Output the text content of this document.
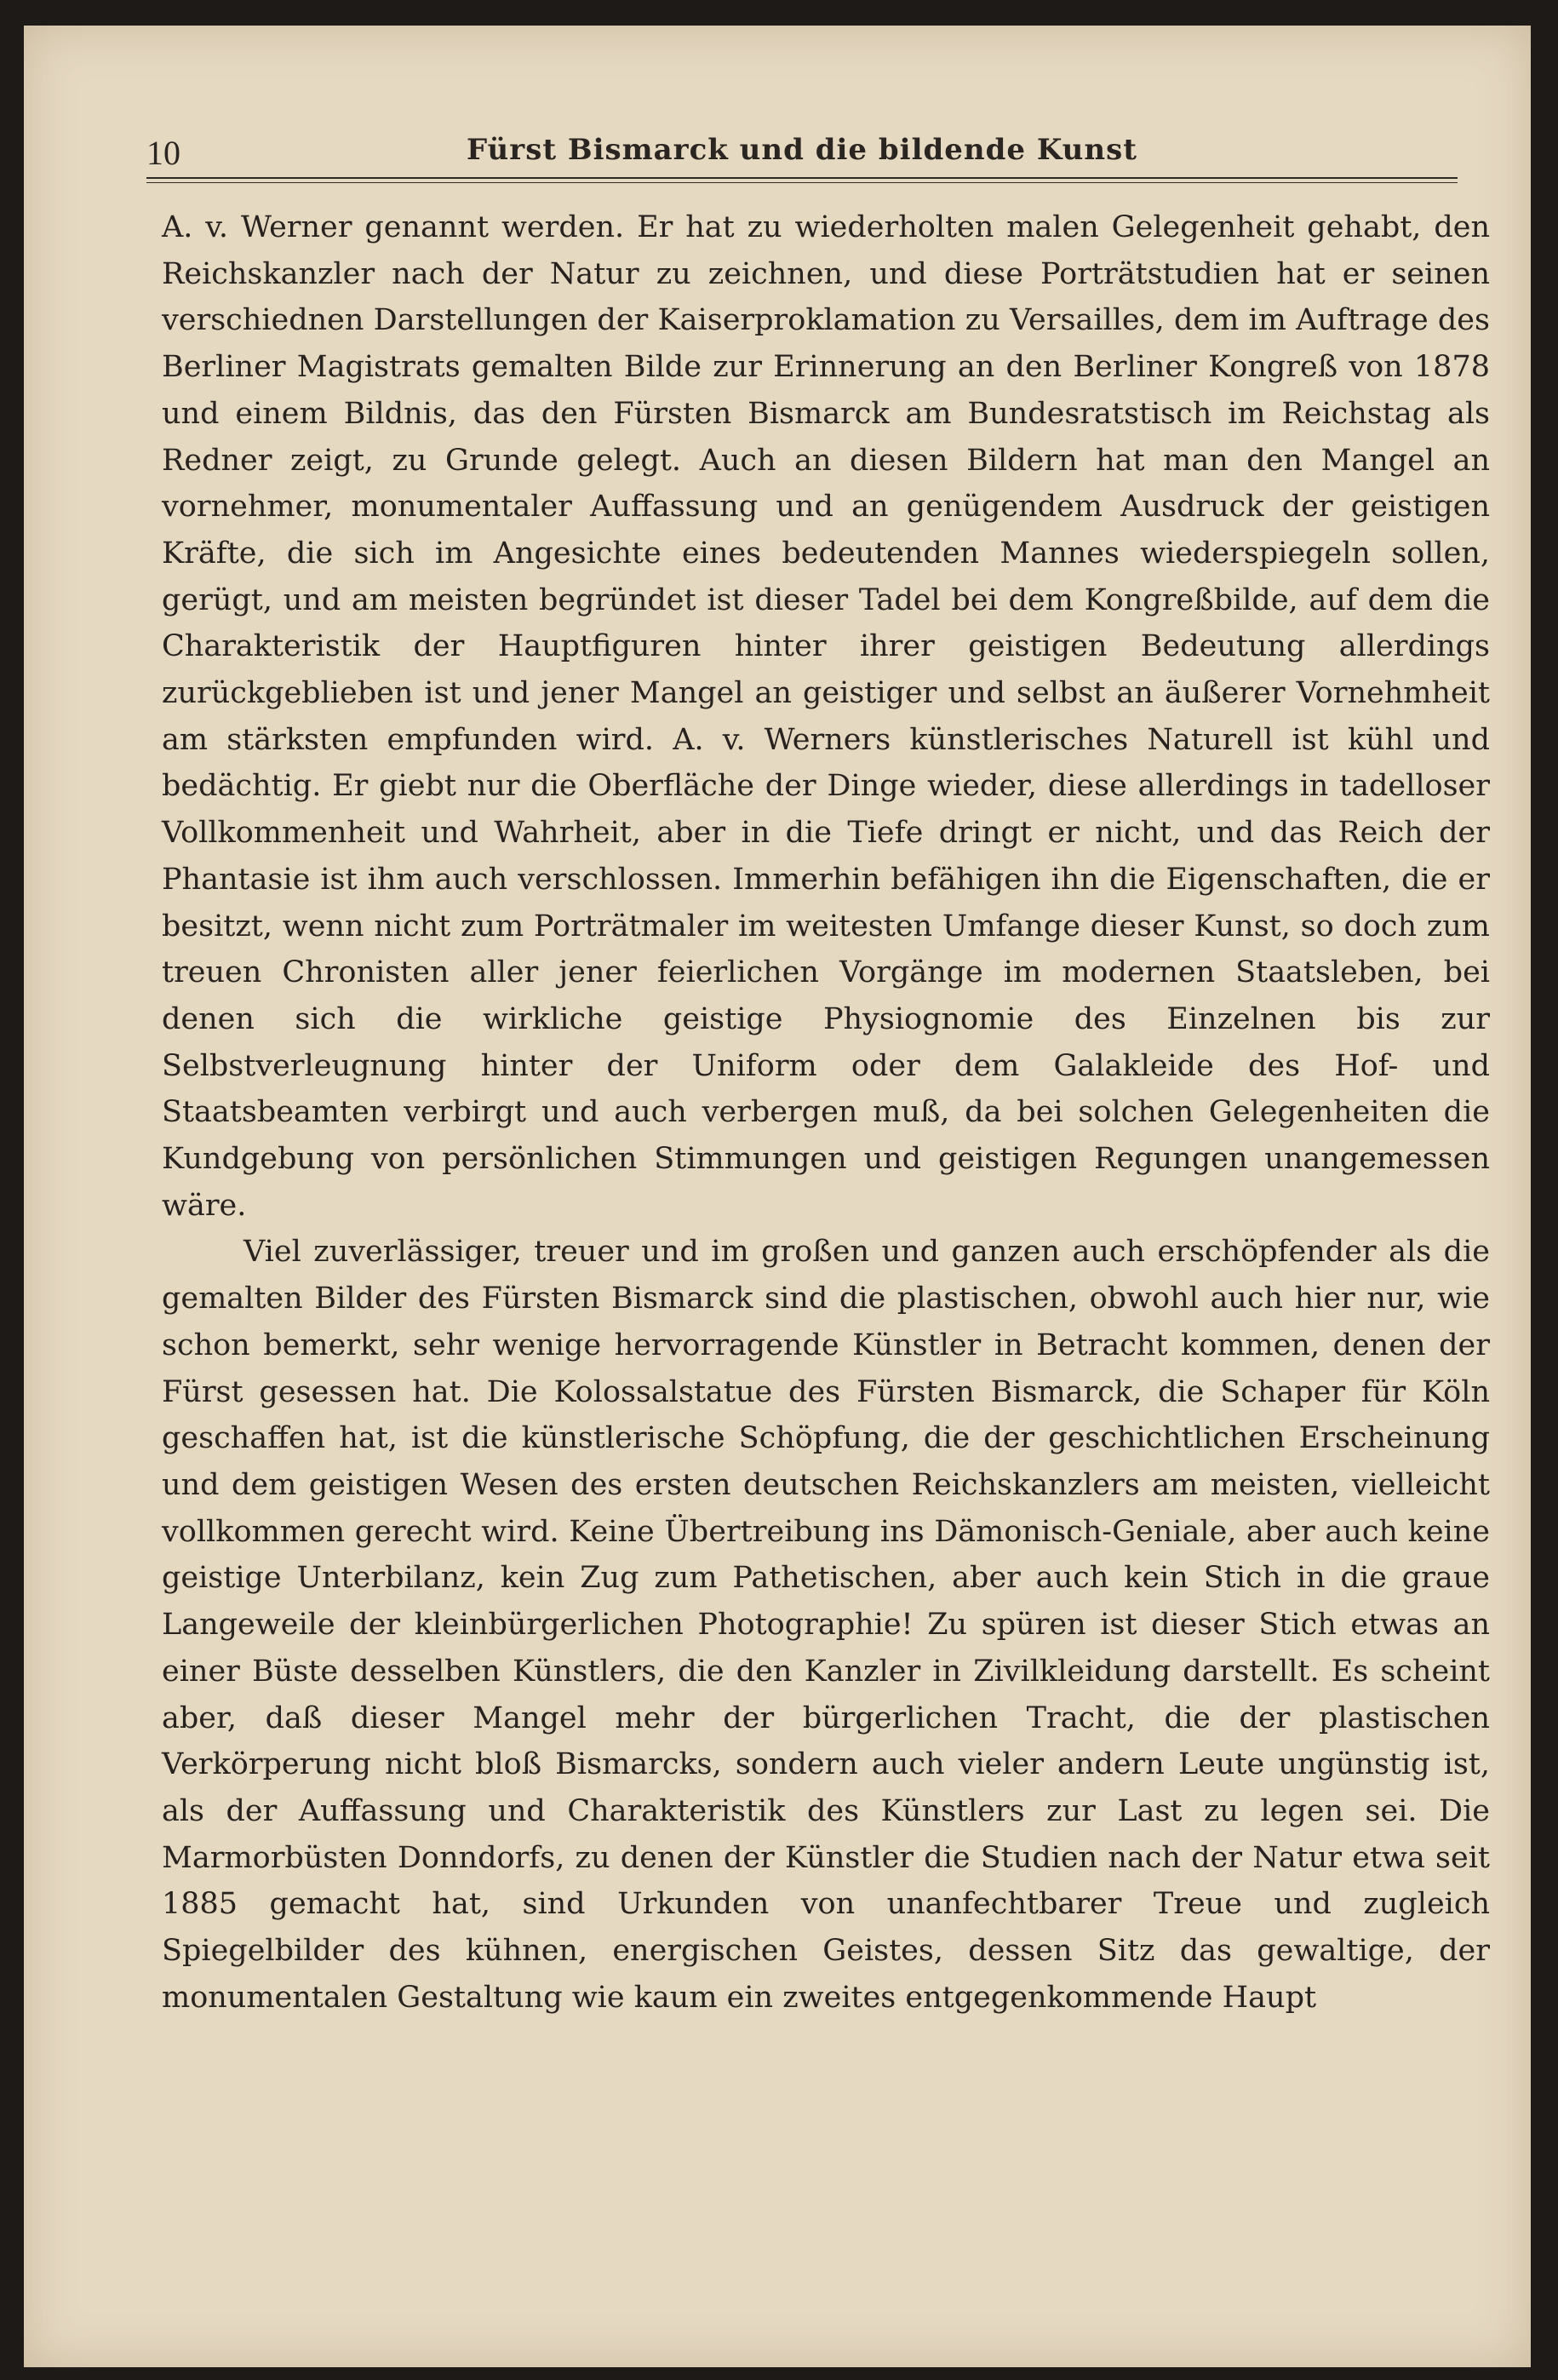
10	Fürst Bismarck und die bildende Kunst

A. v. Werner genannt werden. Er hat zu wiederholten malen Gelegenheit gehabt, den Reichskanzler nach der Natur zu zeichnen, und diese Porträtstudien hat er seinen verschiednen Darstellungen der Kaiserproklamation zu Versailles, dem im Auftrage des Berliner Magistrats gemalten Bilde zur Erinnerung an den Berliner Kongreß von 1878 und einem Bildnis, das den Fürsten Bismarck am Bundesratstisch im Reichstag als Redner zeigt, zu Grunde gelegt. Auch an diesen Bildern hat man den Mangel an vornehmer, monumentaler Auffassung und an genügendem Ausdruck der geistigen Kräfte, die sich im Angesichte eines bedeutenden Mannes wiederspiegeln sollen, gerügt, und am meisten begründet ist dieser Tadel bei dem Kongreßbilde, auf dem die Charakteristik der Hauptfiguren hinter ihrer geistigen Bedeutung allerdings zurückgeblieben ist und jener Mangel an geistiger und selbst an äußerer Vornehmheit am stärksten empfunden wird. A. v. Werners künstlerisches Naturell ist kühl und bedächtig. Er giebt nur die Oberfläche der Dinge wieder, diese allerdings in tadelloser Vollkommenheit und Wahrheit, aber in die Tiefe dringt er nicht, und das Reich der Phantasie ist ihm auch verschlossen. Immerhin befähigen ihn die Eigenschaften, die er besitzt, wenn nicht zum Porträtmaler im weitesten Umfange dieser Kunst, so doch zum treuen Chronisten aller jener feierlichen Vorgänge im modernen Staatsleben, bei denen sich die wirkliche geistige Physiognomie des Einzelnen bis zur Selbstverleugnung hinter der Uniform oder dem Galakleide des Hof- und Staatsbeamten verbirgt und auch verbergen muß, da bei solchen Gelegenheiten die Kundgebung von persönlichen Stimmungen und geistigen Regungen unangemessen wäre.

Viel zuverlässiger, treuer und im großen und ganzen auch erschöpfender als die gemalten Bilder des Fürsten Bismarck sind die plastischen, obwohl auch hier nur, wie schon bemerkt, sehr wenige hervorragende Künstler in Betracht kommen, denen der Fürst gesessen hat. Die Kolossalstatue des Fürsten Bismarck, die Schaper für Köln geschaffen hat, ist die künstlerische Schöpfung, die der geschichtlichen Erscheinung und dem geistigen Wesen des ersten deutschen Reichskanzlers am meisten, vielleicht vollkommen gerecht wird. Keine Übertreibung ins Dämonisch-Geniale, aber auch keine geistige Unterbilanz, kein Zug zum Pathetischen, aber auch kein Stich in die graue Langeweile der kleinbürgerlichen Photographie! Zu spüren ist dieser Stich etwas an einer Büste desselben Künstlers, die den Kanzler in Zivilkleidung darstellt. Es scheint aber, daß dieser Mangel mehr der bürgerlichen Tracht, die der plastischen Verkörperung nicht bloß Bismarcks, sondern auch vieler andern Leute ungünstig ist, als der Auffassung und Charakteristik des Künstlers zur Last zu legen sei. Die Marmorbüsten Donndorfs, zu denen der Künstler die Studien nach der Natur etwa seit 1885 gemacht hat, sind Urkunden von unanfechtbarer Treue und zugleich Spiegelbilder des kühnen, energischen Geistes, dessen Sitz das gewaltige, der monumentalen Gestaltung wie kaum ein zweites entgegenkommende Haupt
